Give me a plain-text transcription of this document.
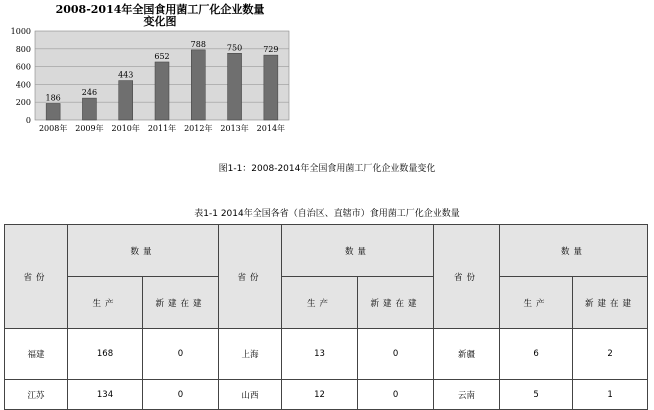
2008-2014年全国食用菌工厂化企业数量
变化图
0
200
400
600
800
1000
186
246
443
652
788	750	729
2008年 2009年 2010年 2011年 2012年 2013年 2014年
图1-1：2008-2014年全国食用菌工厂化企业数量变化
表1-1 2014年全国各省（自治区、直辖市）食用菌工厂化企业数量
省份	数量		省份	数量		省份	数量	
	生产	新建在建		生产	新建在建		生产	新建在建
福建	168	0	上海	13	0	新疆	6	2
江苏	134	0	山西	12	0	云南	5	1
